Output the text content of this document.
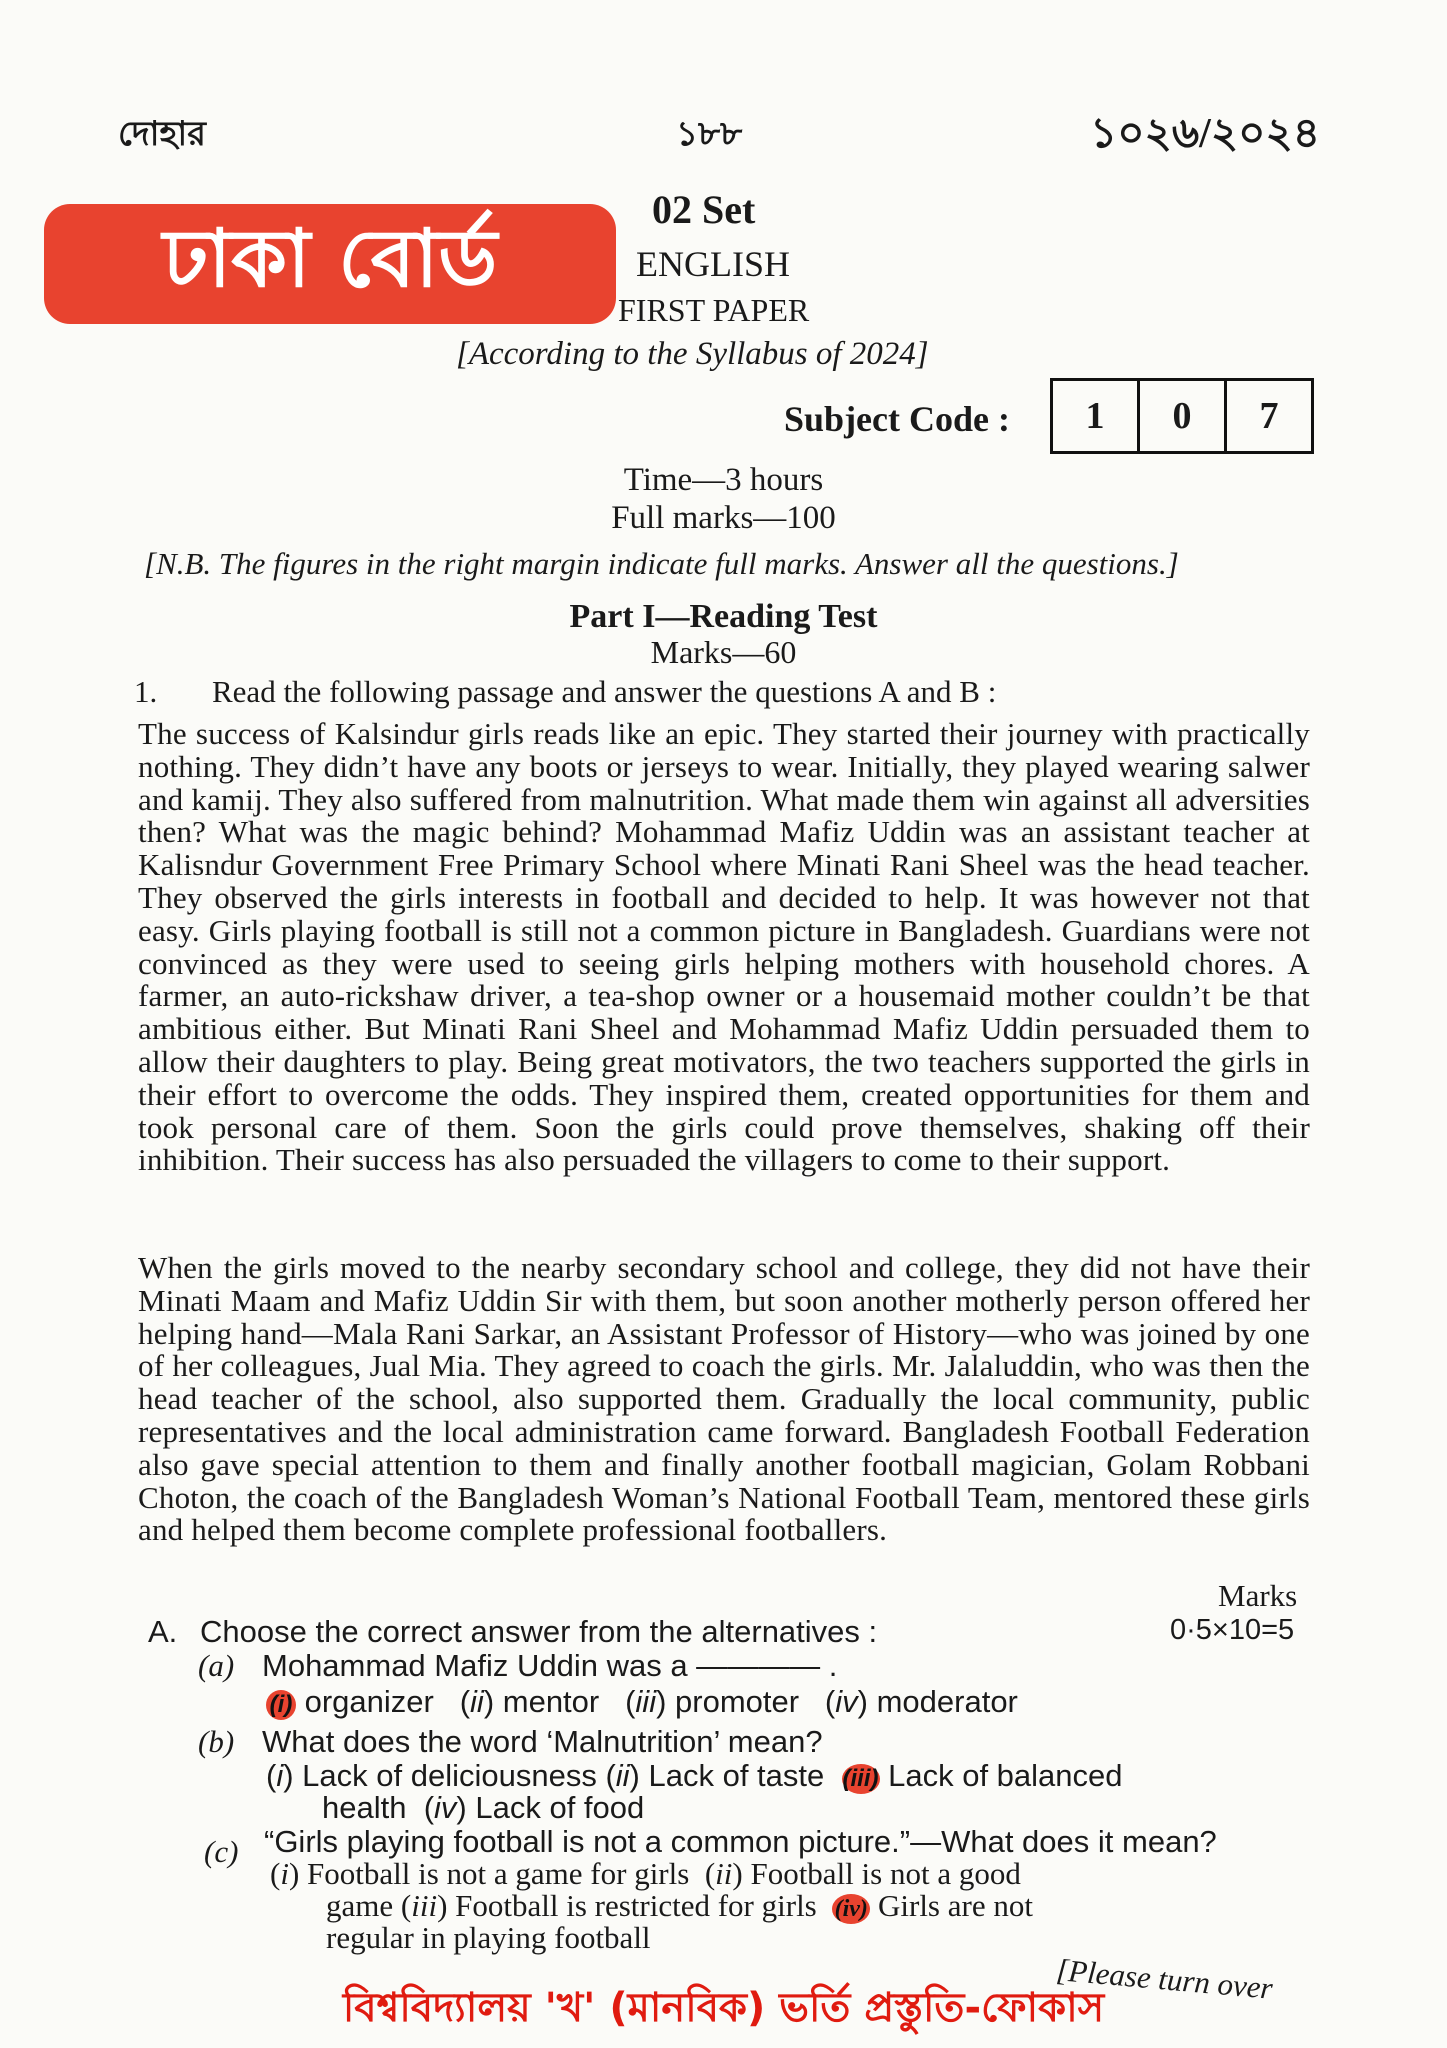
দোহার	১৮৮	১০২৬/২০২৪
ঢাকা বোর্ড
02 Set
ENGLISH
FIRST PAPER
[According to the Syllabus of 2024]
Subject Code :	1	0	7
Time—3 hours
Full marks—100
[N.B. The figures in the right margin indicate full marks. Answer all the questions.]
Part I—Reading Test
Marks—60
1. Read the following passage and answer the questions A and B :
The success of Kalsindur girls reads like an epic. They started their journey with practically nothing. They didn’t have any boots or jerseys to wear. Initially, they played wearing salwer and kamij. They also suffered from malnutrition. What made them win against all adversities then? What was the magic behind? Mohammad Mafiz Uddin was an assistant teacher at Kalisndur Government Free Primary School where Minati Rani Sheel was the head teacher. They observed the girls interests in football and decided to help. It was however not that easy. Girls playing football is still not a common picture in Bangladesh. Guardians were not convinced as they were used to seeing girls helping mothers with household chores. A farmer, an auto-rickshaw driver, a tea-shop owner or a housemaid mother couldn’t be that ambitious either. But Minati Rani Sheel and Mohammad Mafiz Uddin persuaded them to allow their daughters to play. Being great motivators, the two teachers supported the girls in their effort to overcome the odds. They inspired them, created opportunities for them and took personal care of them. Soon the girls could prove themselves, shaking off their inhibition. Their success has also persuaded the villagers to come to their support.
When the girls moved to the nearby secondary school and college, they did not have their Minati Maam and Mafiz Uddin Sir with them, but soon another motherly person offered her helping hand—Mala Rani Sarkar, an Assistant Professor of History—who was joined by one of her colleagues, Jual Mia. They agreed to coach the girls. Mr. Jalaluddin, who was then the head teacher of the school, also supported them. Gradually the local community, public representatives and the local administration came forward. Bangladesh Football Federation also gave special attention to them and finally another football magician, Golam Robbani Choton, the coach of the Bangladesh Woman’s National Football Team, mentored these girls and helped them become complete professional footballers.
Marks
A. Choose the correct answer from the alternatives :	0·5×10=5
(a) Mohammad Mafiz Uddin was a ———— .
(i) organizer   (ii) mentor   (iii) promoter   (iv) moderator
(b) What does the word ‘Malnutrition’ mean?
(i) Lack of deliciousness (ii) Lack of taste (iii) Lack of balanced
health  (iv) Lack of food
(c) “Girls playing football is not a common picture.”—What does it mean?
(i) Football is not a game for girls  (ii) Football is not a good
game (iii) Football is restricted for girls (iv) Girls are not
regular in playing football
[Please turn over
বিশ্ববিদ্যালয় 'খ' (মানবিক) ভর্তি প্রস্তুতি-ফোকাস
